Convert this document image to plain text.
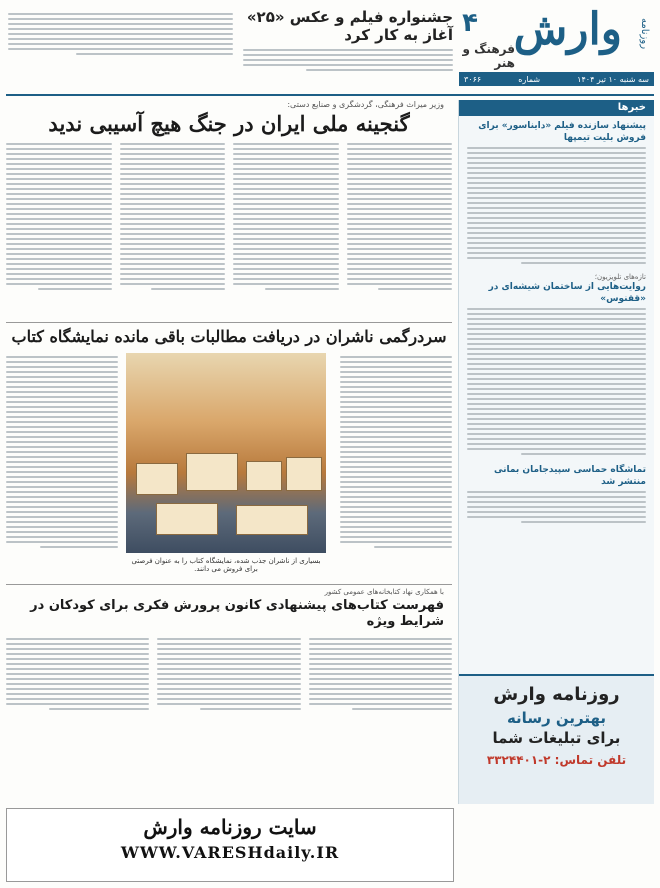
وارش روزنامه
۴
فرهنگ و هنر
سه شنبه ۱۰ تیر ۱۴۰۴
شماره
۳۰۶۶
جشنواره فیلم و عکس «۲۵» آغاز به کار کرد
خبرها
پیشنهاد سازنده فیلم «دایناسور» برای فروش بلیت تیمپها
تازه‌های تلویزیون؛
روایت‌هایی از ساختمان شیشه‌ای در «ققنوس»
تماشگاه حماسی سپیدجامان بمانی منتشر شد
روزنامه وارش
بهترین رسانه
برای تبلیغات شما
تلفن تماس: ۲-۳۳۲۴۴۰۱
وزیر میراث فرهنگی، گردشگری و صنایع دستی:
گنجینه ملی ایران در جنگ هیچ آسیبی ندید
سردرگمی ناشران در دریافت مطالبات باقی مانده نمایشگاه کتاب
بسیاری از ناشران جذب شده، نمایشگاه کتاب را به عنوان فرصتی برای فروش می دانند.
با همکاری نهاد کتابخانه‌های عمومی کشور
فهرست کتاب‌های پیشنهادی کانون پرورش فکری برای کودکان در شرایط ویژه
سایت روزنامه وارش
WWW.VARESHdaily.IR
